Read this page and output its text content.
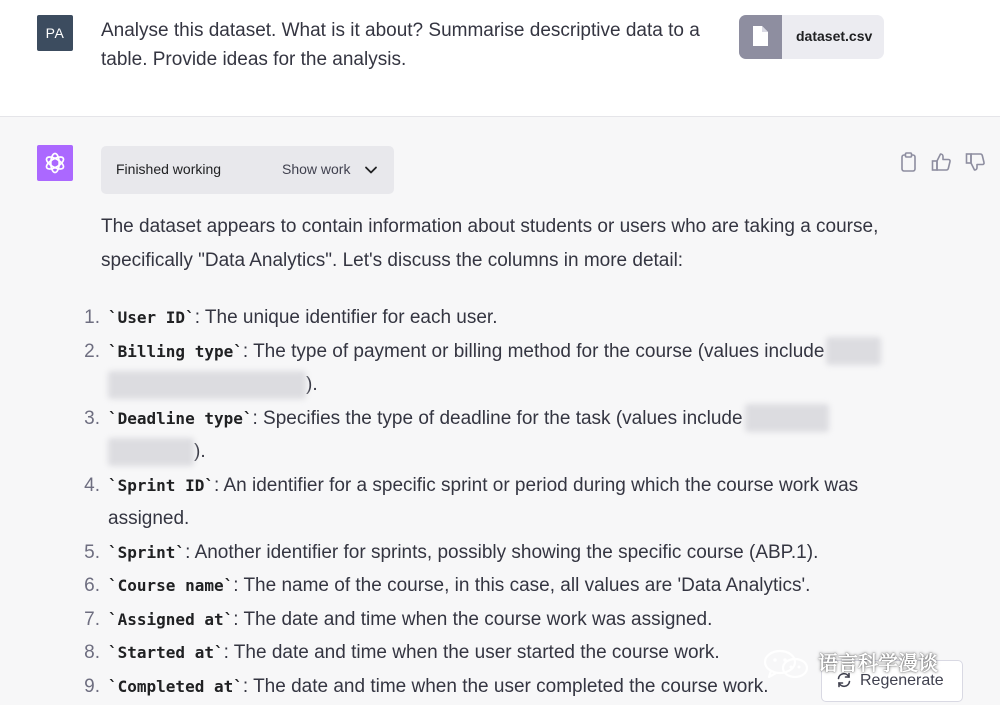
PA	Analyse this dataset. What is it about? Summarise descriptive data to a table. Provide ideas for the analysis.
dataset.csv
Finished working	Show work
The dataset appears to contain information about students or users who are taking a course, specifically "Data Analytics". Let's discuss the columns in more detail:
1. `User ID`: The unique identifier for each user.
2. `Billing type`: The type of payment or billing method for the course (values include
).
3. `Deadline type`: Specifies the type of deadline for the task (values include
).
4. `Sprint ID`: An identifier for a specific sprint or period during which the course work was assigned.
5. `Sprint`: Another identifier for sprints, possibly showing the specific course (ABP.1).
6. `Course name`: The name of the course, in this case, all values are 'Data Analytics'.
7. `Assigned at`: The date and time when the course work was assigned.
8. `Started at`: The date and time when the user started the course work.
9. `Completed at`: The date and time when the user completed the course work.	Regenerate
语言科学漫谈
